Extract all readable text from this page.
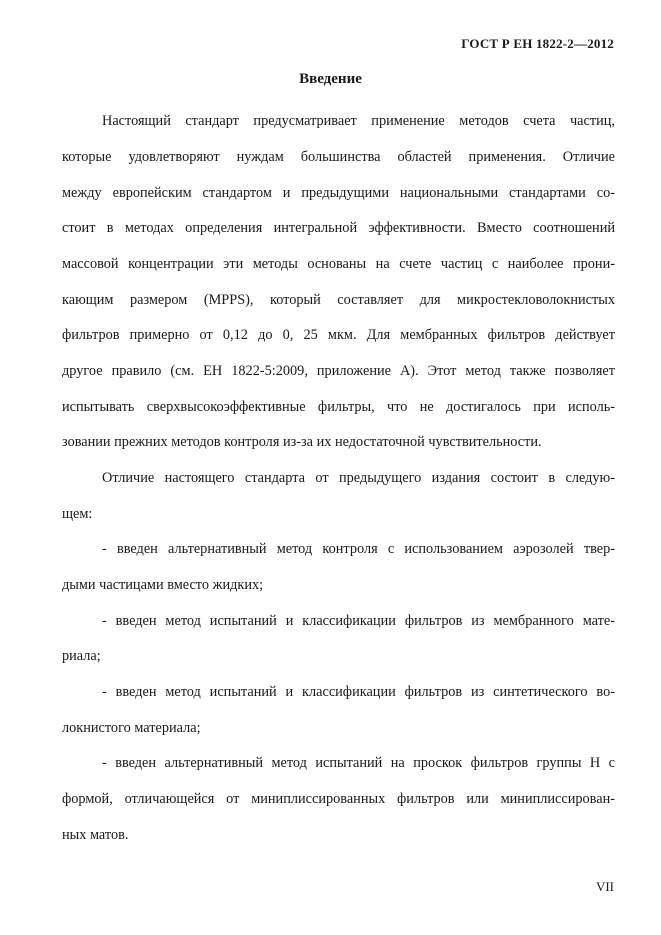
ГОСТ Р ЕН 1822-2—2012
Введение
Настоящий стандарт предусматривает применение методов счета частиц,
которые удовлетворяют нуждам большинства областей применения. Отличие
между европейским стандартом и предыдущими национальными стандартами со-
стоит в методах определения интегральной эффективности. Вместо соотношений
массовой концентрации эти методы основаны на счете частиц с наиболее прони-
кающим размером (MPPS), который составляет для микростекловолокнистых
фильтров примерно от 0,12 до 0, 25 мкм. Для мембранных фильтров действует
другое правило (см. ЕН 1822-5:2009, приложение А). Этот метод также позволяет
испытывать сверхвысокоэффективные фильтры, что не достигалось при исполь-
зовании прежних методов контроля из-за их недостаточной чувствительности.
Отличие настоящего стандарта от предыдущего издания состоит в следую-
щем:
- введен альтернативный метод контроля с использованием аэрозолей твер-
дыми частицами вместо жидких;
- введен метод испытаний и классификации фильтров из мембранного мате-
риала;
- введен метод испытаний и классификации фильтров из синтетического во-
локнистого материала;
- введен альтернативный метод испытаний на проскок фильтров группы Н с
формой, отличающейся от миниплиссированных фильтров или миниплиссирован-
ных матов.
VII
